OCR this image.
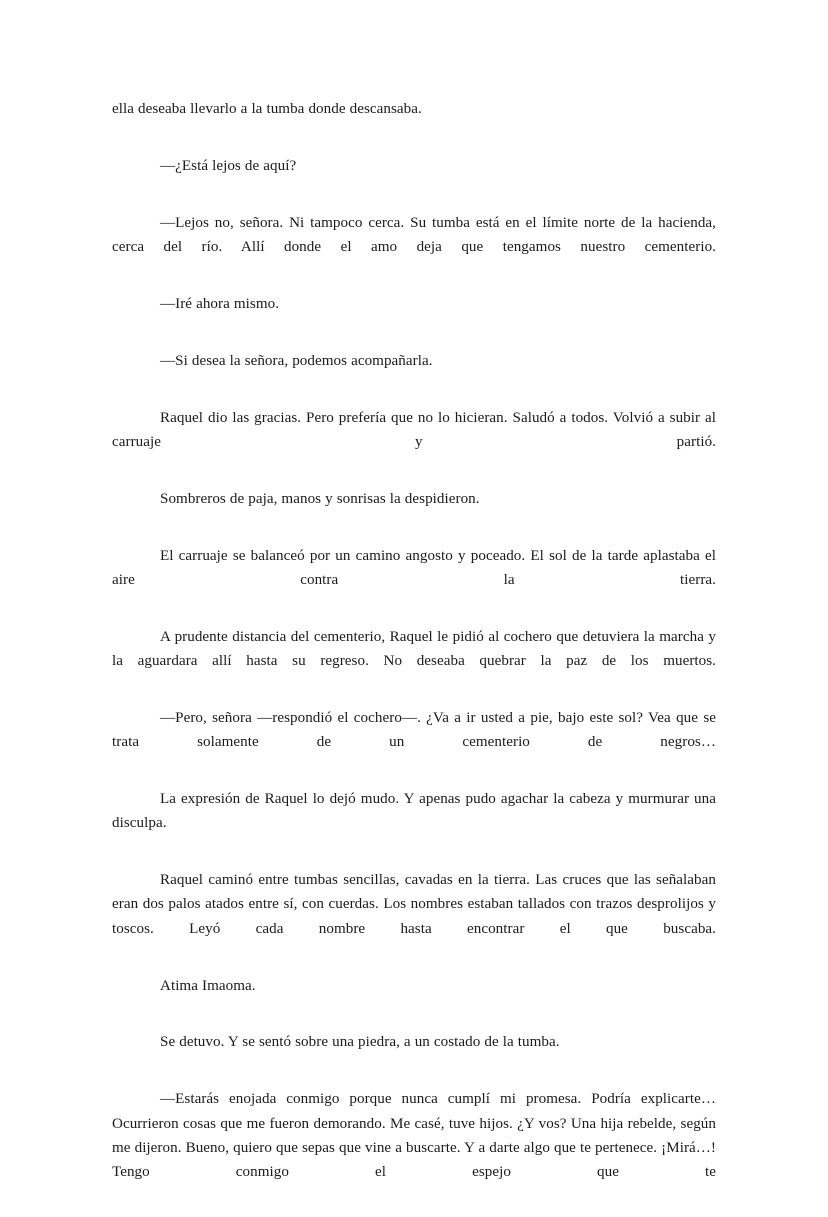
ella deseaba llevarlo a la tumba donde descansaba.

—¿Está lejos de aquí?

—Lejos no, señora. Ni tampoco cerca. Su tumba está en el límite norte de la hacienda, cerca del río. Allí donde el amo deja que tengamos nuestro cementerio.

—Iré ahora mismo.

—Si desea la señora, podemos acompañarla.

Raquel dio las gracias. Pero prefería que no lo hicieran. Saludó a todos. Volvió a subir al carruaje y partió.

Sombreros de paja, manos y sonrisas la despidieron.

El carruaje se balanceó por un camino angosto y poceado. El sol de la tarde aplastaba el aire contra la tierra.

A prudente distancia del cementerio, Raquel le pidió al cochero que detuviera la marcha y la aguardara allí hasta su regreso. No deseaba quebrar la paz de los muertos.

—Pero, señora —respondió el cochero—. ¿Va a ir usted a pie, bajo este sol? Vea que se trata solamente de un cementerio de negros…

La expresión de Raquel lo dejó mudo. Y apenas pudo agachar la cabeza y murmurar una disculpa.

Raquel caminó entre tumbas sencillas, cavadas en la tierra. Las cruces que las señalaban eran dos palos atados entre sí, con cuerdas. Los nombres estaban tallados con trazos desprolijos y toscos. Leyó cada nombre hasta encontrar el que buscaba.

Atima Imaoma.

Se detuvo. Y se sentó sobre una piedra, a un costado de la tumba.

—Estarás enojada conmigo porque nunca cumplí mi promesa. Podría explicarte… Ocurrieron cosas que me fueron demorando. Me casé, tuve hijos. ¿Y vos? Una hija rebelde, según me dijeron. Bueno, quiero que sepas que vine a buscarte. Y a darte algo que te pertenece. ¡Mirá…! Tengo conmigo el espejo que te
